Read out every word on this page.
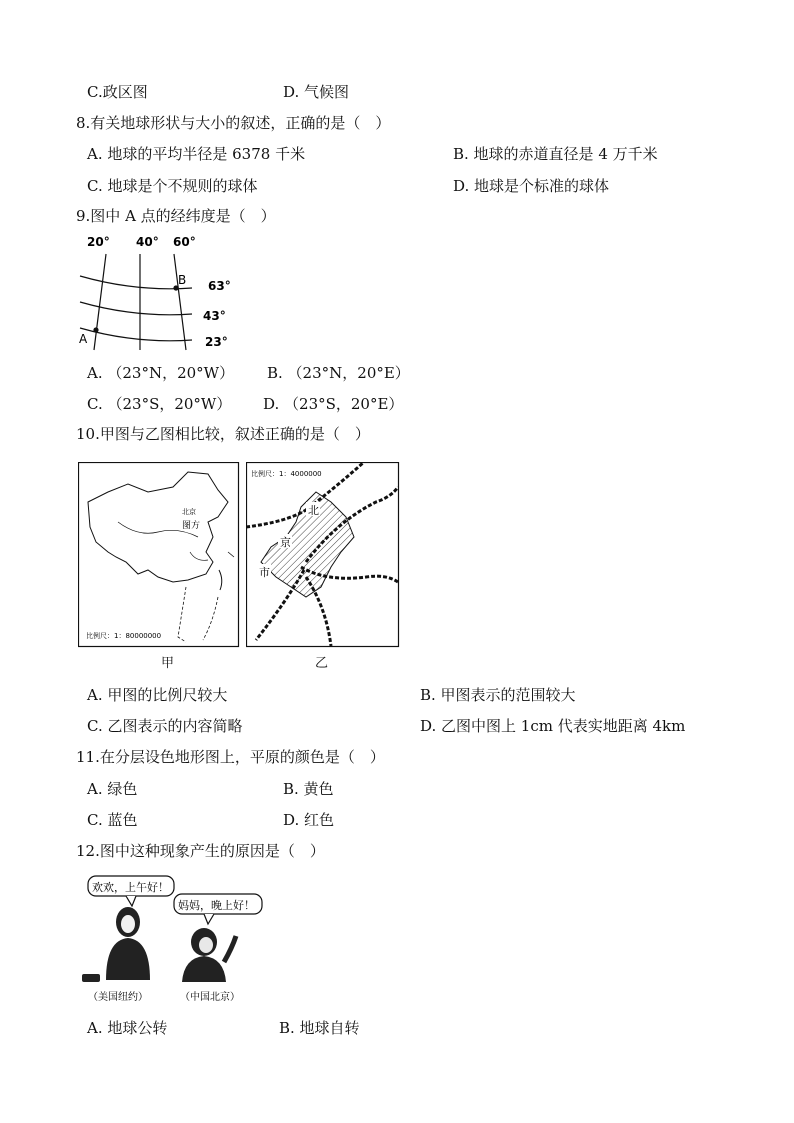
C.政区图	D. 气候图
8.有关地球形状与大小的叙述，正确的是（　）
A. 地球的平均半径是 6378 千米	B. 地球的赤道直径是 4 万千米
C. 地球是个不规则的球体	D. 地球是个标准的球体
9.图中 A 点的经纬度是（　）
20° 40° 60°
63°
43°
23°
A
B
A. （23°N，20°W） B. （23°N，20°E）
C. （23°S，20°W） D. （23°S，20°E）
10.甲图与乙图相比较，叙述正确的是（　）
北京
图方
比例尺：1：80000000
甲
北
京
市
比例尺：1：4000000
乙
A. 甲图的比例尺较大	B. 甲图表示的范围较大
C. 乙图表示的内容简略	D. 乙图中图上 1cm 代表实地距离 4km
11.在分层设色地形图上，平原的颜色是（　）
A. 绿色	B. 黄色
C. 蓝色	D. 红色
12.图中这种现象产生的原因是（　）
欢欢，上午好！
妈妈，晚上好！
（美国纽约）	（中国北京）
A. 地球公转	B. 地球自转
